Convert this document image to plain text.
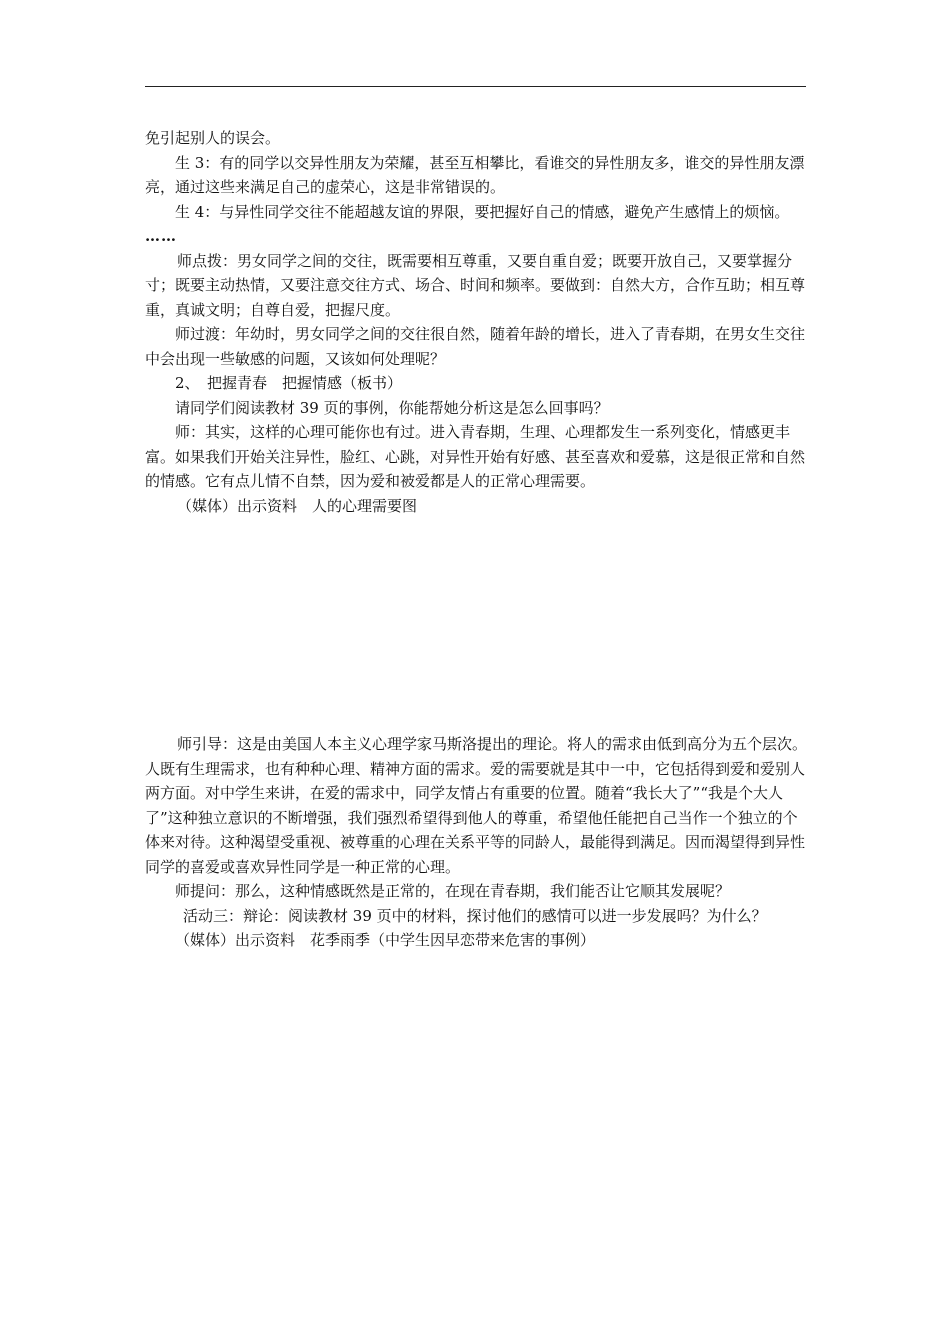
免引起别人的误会。

生 3：有的同学以交异性朋友为荣耀，甚至互相攀比，看谁交的异性朋友多，谁交的异性朋友漂亮，通过这些来满足自己的虚荣心，这是非常错误的。

生 4：与异性同学交往不能超越友谊的界限，要把握好自己的情感，避免产生感情上的烦恼。

……

师点拨：男女同学之间的交往，既需要相互尊重，又要自重自爱；既要开放自己，又要掌握分寸；既要主动热情，又要注意交往方式、场合、时间和频率。要做到：自然大方，合作互助；相互尊重，真诚文明；自尊自爱，把握尺度。

师过渡：年幼时，男女同学之间的交往很自然，随着年龄的增长，进入了青春期，在男女生交往中会出现一些敏感的问题，又该如何处理呢？

2、　把握青春　把握情感（板书）

请同学们阅读教材 39 页的事例，你能帮她分析这是怎么回事吗？

师：其实，这样的心理可能你也有过。进入青春期，生理、心理都发生一系列变化，情感更丰富。如果我们开始关注异性，脸红、心跳，对异性开始有好感、甚至喜欢和爱慕，这是很正常和自然的情感。它有点儿情不自禁，因为爱和被爱都是人的正常心理需要。

（媒体）出示资料　人的心理需要图

师引导：这是由美国人本主义心理学家马斯洛提出的理论。将人的需求由低到高分为五个层次。人既有生理需求，也有种种心理、精神方面的需求。爱的需要就是其中一中，它包括得到爱和爱别人两方面。对中学生来讲，在爱的需求中，同学友情占有重要的位置。随着“我长大了”“我是个大人了”这种独立意识的不断增强，我们强烈希望得到他人的尊重，希望他任能把自己当作一个独立的个体来对待。这种渴望受重视、被尊重的心理在关系平等的同龄人，最能得到满足。因而渴望得到异性同学的喜爱或喜欢异性同学是一种正常的心理。

师提问：那么，这种情感既然是正常的，在现在青春期，我们能否让它顺其发展呢？

活动三：辩论：阅读教材 39 页中的材料，探讨他们的感情可以进一步发展吗？为什么？

（媒体）出示资料　花季雨季（中学生因早恋带来危害的事例）
